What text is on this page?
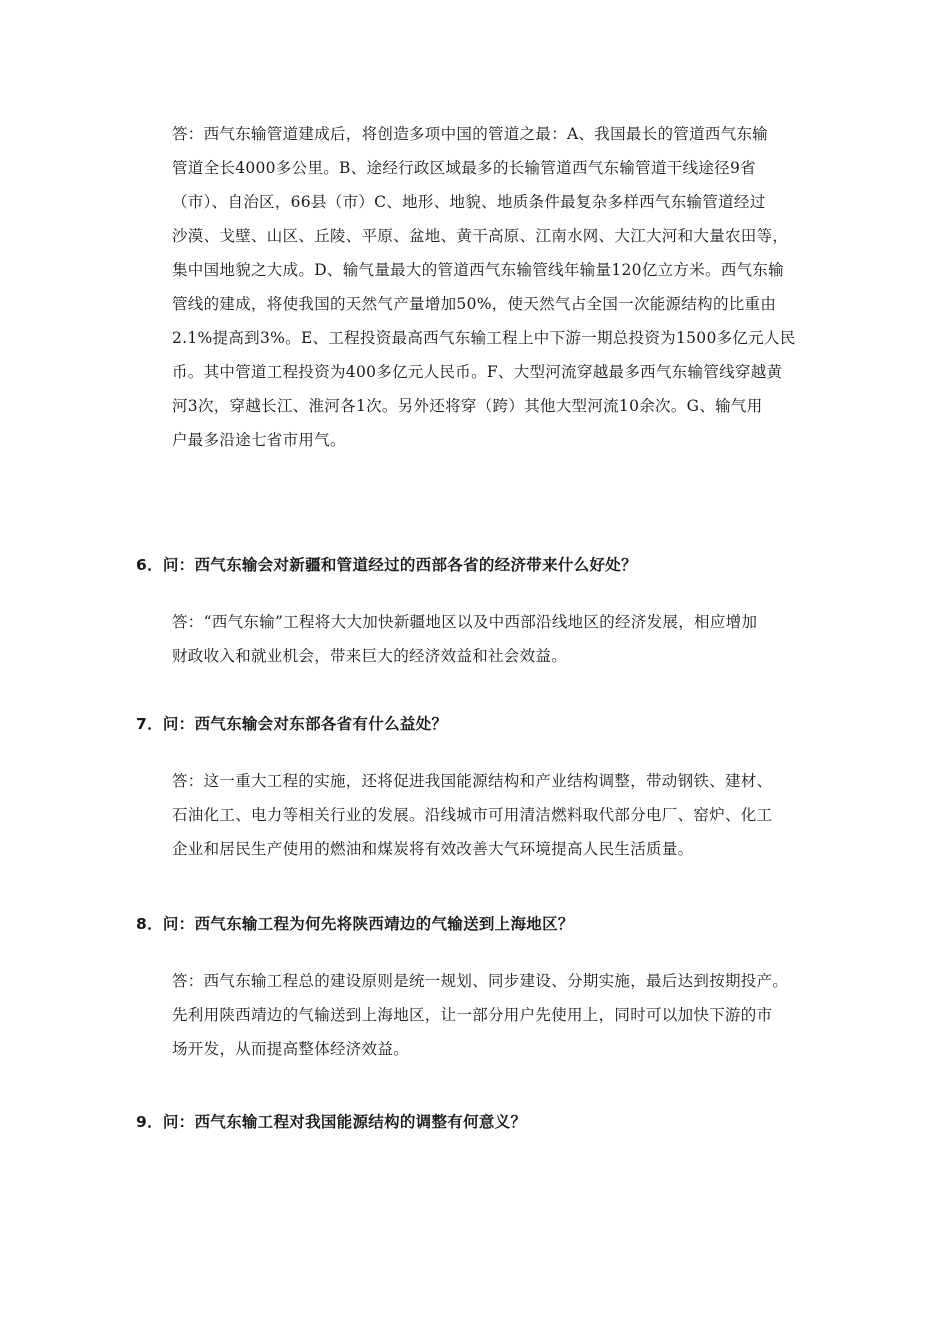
答：西气东输管道建成后，将创造多项中国的管道之最：A、我国最长的管道西气东输
管道全长4000多公里。B、途经行政区域最多的长输管道西气东输管道干线途径9省
（市）、自治区，66县（市）C、地形、地貌、地质条件最复杂多样西气东输管道经过
沙漠、戈壁、山区、丘陵、平原、盆地、黄干高原、江南水网、大江大河和大量农田等，
集中国地貌之大成。D、输气量最大的管道西气东输管线年输量120亿立方米。西气东输
管线的建成，将使我国的天然气产量增加50%，使天然气占全国一次能源结构的比重由
2.1%提高到3%。E、工程投资最高西气东输工程上中下游一期总投资为1500多亿元人民
币。其中管道工程投资为400多亿元人民币。F、大型河流穿越最多西气东输管线穿越黄
河3次，穿越长江、淮河各1次。另外还将穿（跨）其他大型河流10余次。G、输气用
户最多沿途七省市用气。
6．问：西气东输会对新疆和管道经过的西部各省的经济带来什么好处？
答：“西气东输”工程将大大加快新疆地区以及中西部沿线地区的经济发展，相应增加
财政收入和就业机会，带来巨大的经济效益和社会效益。
7．问：西气东输会对东部各省有什么益处？
答：这一重大工程的实施，还将促进我国能源结构和产业结构调整，带动钢铁、建材、
石油化工、电力等相关行业的发展。沿线城市可用清洁燃料取代部分电厂、窑炉、化工
企业和居民生产使用的燃油和煤炭将有效改善大气环境提高人民生活质量。
8．问：西气东输工程为何先将陕西靖边的气输送到上海地区？
答：西气东输工程总的建设原则是统一规划、同步建设、分期实施，最后达到按期投产。
先利用陕西靖边的气输送到上海地区，让一部分用户先使用上，同时可以加快下游的市
场开发，从而提高整体经济效益。
9．问：西气东输工程对我国能源结构的调整有何意义？
